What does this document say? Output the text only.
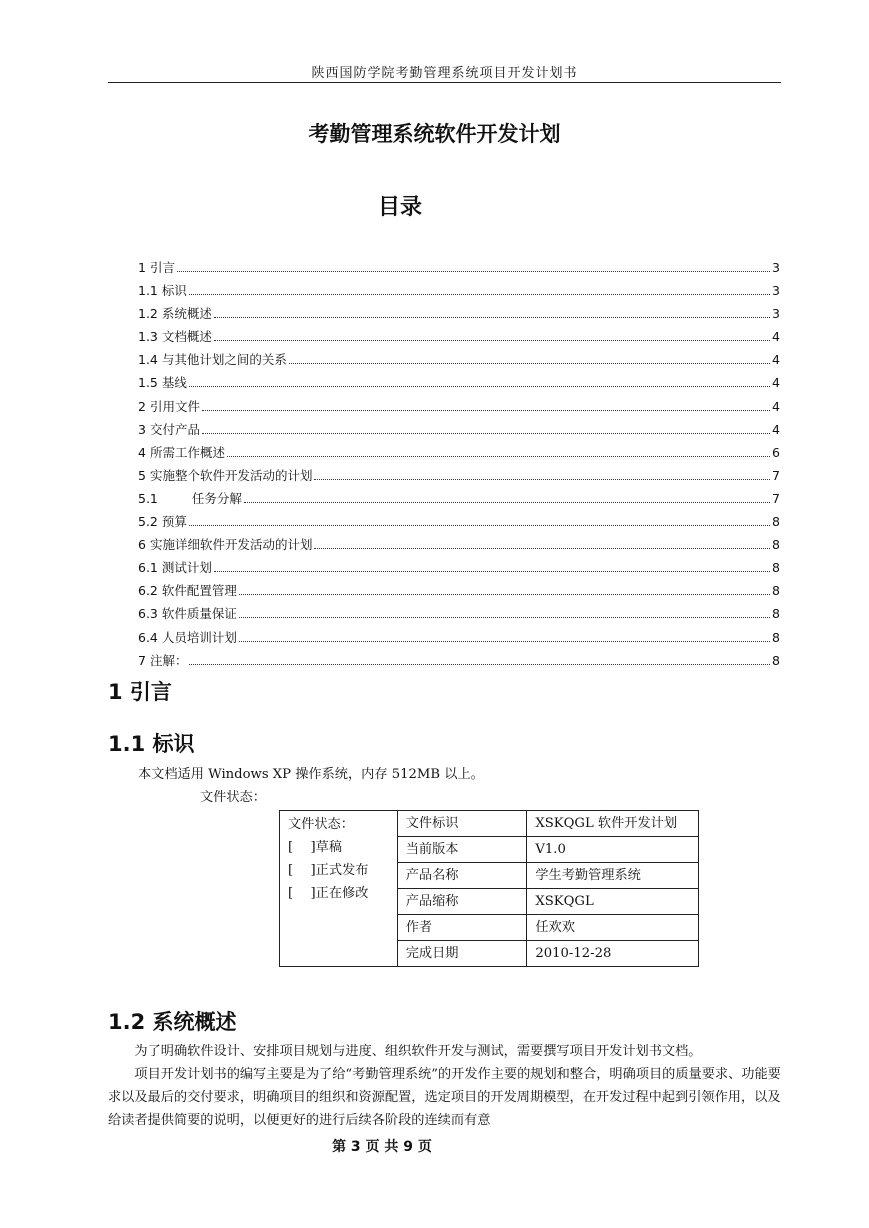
陕西国防学院考勤管理系统项目开发计划书
考勤管理系统软件开发计划
目录
1 引言	3
1.1 标识	3
1.2 系统概述	3
1.3 文档概述	4
1.4 与其他计划之间的关系	4
1.5 基线	4
2 引用文件	4
3 交付产品	4
4 所需工作概述	6
5 实施整个软件开发活动的计划	7
5.1	任务分解	7
5.2 预算	8
6 实施详细软件开发活动的计划	8
6.1 测试计划	8
6.2 软件配置管理	8
6.3 软件质量保证	8
6.4 人员培训计划	8
7 注解：	8
1 引言
1.1 标识

本文档适用 Windows XP 操作系统，内存 512MB 以上。

文件状态：

文件状态：
[　 ]草稿
[　 ]正式发布
[　 ]正在修改	文件标识	XSKQGL 软件开发计划
	当前版本	V1.0
	产品名称	学生考勤管理系统
	产品缩称	XSKQGL
	作者	任欢欢
	完成日期	2010-12-28
1.2 系统概述

为了明确软件设计、安排项目规划与进度、组织软件开发与测试，需要撰写项目开发计划书文档。

项目开发计划书的编写主要是为了给“考勤管理系统”的开发作主要的规划和整合，明确项目的质量要求、功能要求以及最后的交付要求，明确项目的组织和资源配置，选定项目的开发周期模型，在开发过程中起到引领作用，以及给读者提供简要的说明，以便更好的进行后续各阶段的连续而有意

第 3 页 共 9 页
